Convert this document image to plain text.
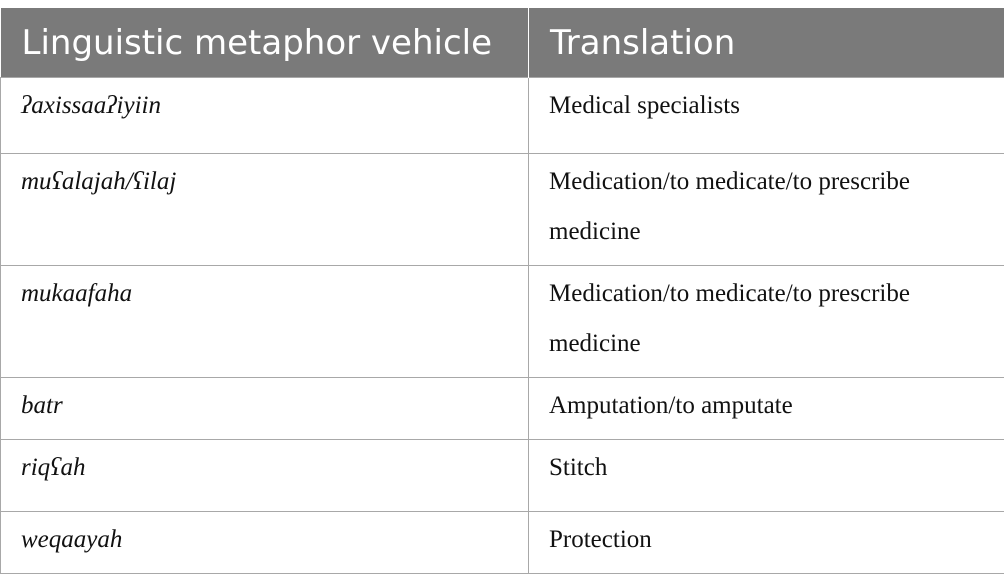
Linguistic metaphor vehicle	Translation
ʔaxissaaʔiyiin	Medical specialists
muʕalajah/ʕilaj	Medication/to medicate/to prescribe medicine
mukaafaha	Medication/to medicate/to prescribe medicine
batr	Amputation/to amputate
riqʕah	Stitch
weqaayah	Protection
